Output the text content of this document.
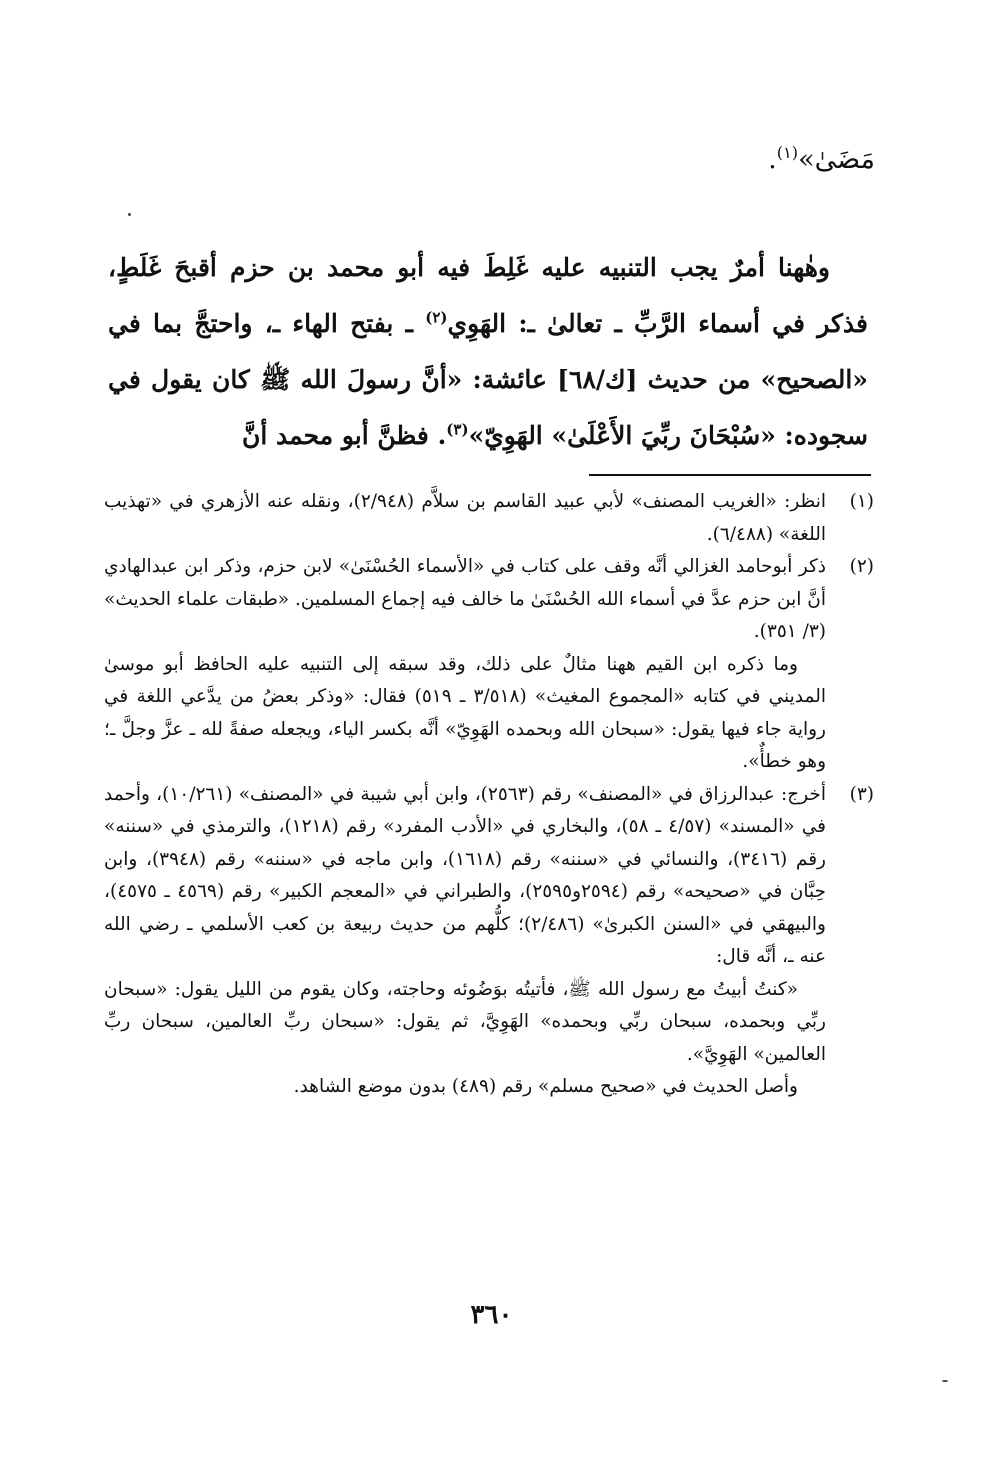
مَضَىٰ»$^{(١)}$.

وهٰهنا أمرٌ يجب التنبيه عليه غَلِطَ فيه أبو محمد بن حزم أقبحَ غَلَطٍ، فذكر في أسماء الرَّبِّ ـ تعالىٰ ـ: الهَوِي$^{(٢)}$ ـ بفتح الهاء ـ، واحتجَّ بما في «الصحيح» من حديث [ك/٦٨] عائشة: «أنَّ رسولَ الله ﷺ كان يقول في سجوده: «سُبْحَانَ ربِّيَ الأَعْلَىٰ» الهَوِيّ»$^{(٣)}$. فظنَّ أبو محمد أنَّ

(١)

انظر: «الغريب المصنف» لأبي عبيد القاسم بن سلاَّم (٢/٩٤٨)، ونقله عنه الأزهري في «تهذيب اللغة» (٦/٤٨٨).

(٢)

ذكر أبوحامد الغزالي أنَّه وقف على كتاب في «الأسماء الحُسْنَىٰ» لابن حزم، وذكر ابن عبدالهادي أنَّ ابن حزم عدَّ في أسماء الله الحُسْنَىٰ ما خالف فيه إجماع المسلمين. «طبقات علماء الحديث» (٣/ ٣٥١).

وما ذكره ابن القيم ههنا مثالٌ على ذلك، وقد سبقه إلى التنبيه عليه الحافظ أبو موسىٰ المديني في كتابه «المجموع المغيث» (٣/٥١٨ ـ ٥١٩) فقال: «وذكر بعضُ من يدَّعي اللغة في رواية جاء فيها يقول: «سبحان الله وبحمده الهَوِيّ» أنَّه بكسر الياء، ويجعله صفةً لله ـ عزَّ وجلَّ ـ؛ وهو خطأٌ».

(٣)

أخرج: عبدالرزاق في «المصنف» رقم (٢٥٦٣)، وابن أبي شيبة في «المصنف» (١٠/٢٦١)، وأحمد في «المسند» (٤/٥٧ ـ ٥٨)، والبخاري في «الأدب المفرد» رقم (١٢١٨)، والترمذي في «سننه» رقم (٣٤١٦)، والنسائي في «سننه» رقم (١٦١٨)، وابن ماجه في «سننه» رقم (٣٩٤٨)، وابن حِبَّان في «صحيحه» رقم (٢٥٩٤و٢٥٩٥)، والطبراني في «المعجم الكبير» رقم (٤٥٦٩ ـ ٤٥٧٥)، والبيهقي في «السنن الكبرىٰ» (٢/٤٨٦)؛ كلُّهم من حديث ربيعة بن كعب الأسلمي ـ رضي الله عنه ـ، أنَّه قال:

«كنتُ أبيتُ مع رسول الله ﷺ، فأتيتُه بوَضُوئه وحاجته، وكان يقوم من الليل يقول: «سبحان ربِّي وبحمده، سبحان ربِّي وبحمده» الهَوِيَّ، ثم يقول: «سبحان ربِّ العالمين، سبحان ربِّ العالمين» الهَوِيَّ».

وأصل الحديث في «صحيح مسلم» رقم (٤٨٩) بدون موضع الشاهد.

٣٦٠
